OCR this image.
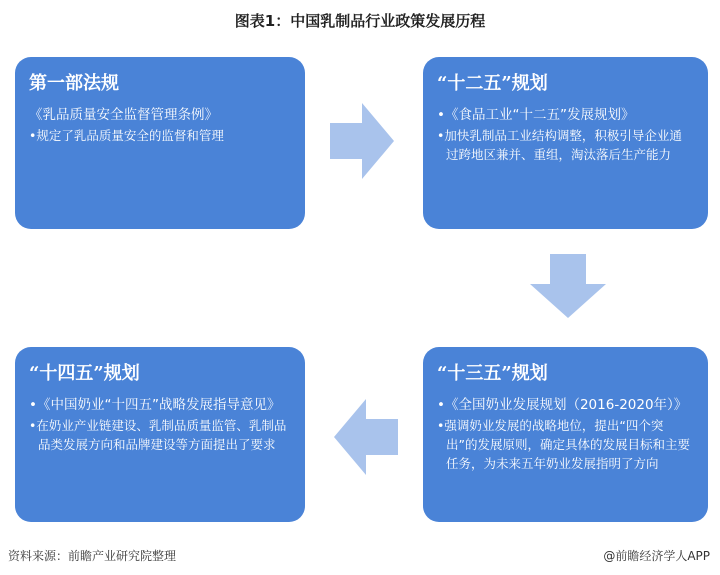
图表1：中国乳制品行业政策发展历程
第一部法规
《乳品质量安全监督管理条例》
•规定了乳品质量安全的监督和管理
“十二五”规划
•《食品工业“十二五”发展规划》
•加快乳制品工业结构调整，积极引导企业通过跨地区兼并、重组，淘汰落后生产能力
“十三五”规划
•《全国奶业发展规划（2016-2020年）》
•强调奶业发展的战略地位，提出“四个突出”的发展原则，确定具体的发展目标和主要任务，为未来五年奶业发展指明了方向
“十四五”规划
•《中国奶业“十四五”战略发展指导意见》
•在奶业产业链建设、乳制品质量监管、乳制品品类发展方向和品牌建设等方面提出了要求
资料来源：前瞻产业研究院整理	@前瞻经济学人APP
